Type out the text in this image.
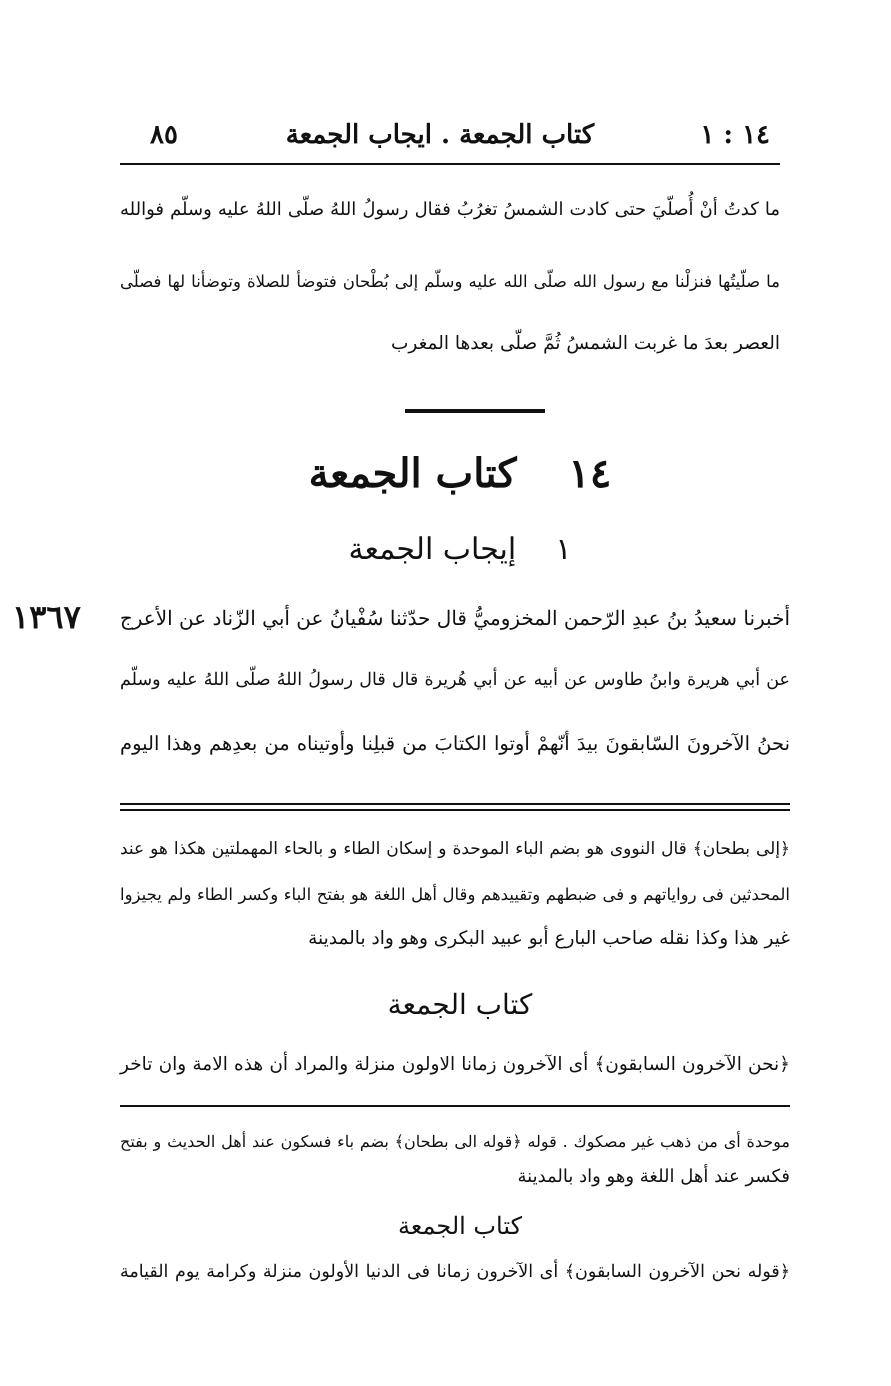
٨٥	كتاب الجمعة . ايجاب الجمعة	١٤ : ١
ما كدتُ أنْ أُصلّيَ حتى كادت الشمسُ تغرُبُ فقال رسولُ اللهُ صلّى اللهُ عليه وسلّم فوالله
ما صلّيتُها فنزلْنا مع رسول الله صلّى الله عليه وسلّم إلى بُطْحان فتوضأ للصلاة وتوضأنا لها فصلّى
العصر بعدَ ما غربت الشمسُ ثُمَّ صلّى بعدها المغرب
١٤  كتاب الجمعة
١  إيجاب الجمعة
١٣٦٧ أخبرنا سعيدُ بنُ عبدِ الرّحمن المخزوميُّ قال حدّثنا سُفْيانُ عن أبي الزّناد عن الأعرج
عن أبي هريرة وابنُ طاوس عن أبيه عن أبي هُريرة قال قال رسولُ اللهُ صلّى اللهُ عليه وسلّم
نحنُ الآخرونَ السّابقونَ بيدَ أنّهمْ أوتوا الكتابَ من قبلِنا وأوتيناه من بعدِهم وهذا اليوم
﴿إلى بطحان﴾ قال النووى هو بضم الباء الموحدة و إسكان الطاء و بالحاء المهملتين هكذا هو عند
المحدثين فى رواياتهم و فى ضبطهم وتقييدهم وقال أهل اللغة هو بفتح الباء وكسر الطاء ولم يجيزوا
غير هذا وكذا نقله صاحب البارع أبو عبيد البكرى وهو واد بالمدينة
كتاب الجمعة
﴿نحن الآخرون السابقون﴾ أى الآخرون زمانا الاولون منزلة والمراد أن هذه الامة وان تاخر
موحدة أى من ذهب غير مصكوك . قوله ﴿قوله الى بطحان﴾ بضم باء فسكون عند أهل الحديث و بفتح
فكسر عند أهل اللغة وهو واد بالمدينة
كتاب الجمعة
﴿قوله نحن الآخرون السابقون﴾ أى الآخرون زمانا فى الدنيا الأولون منزلة وكرامة يوم القيامة
